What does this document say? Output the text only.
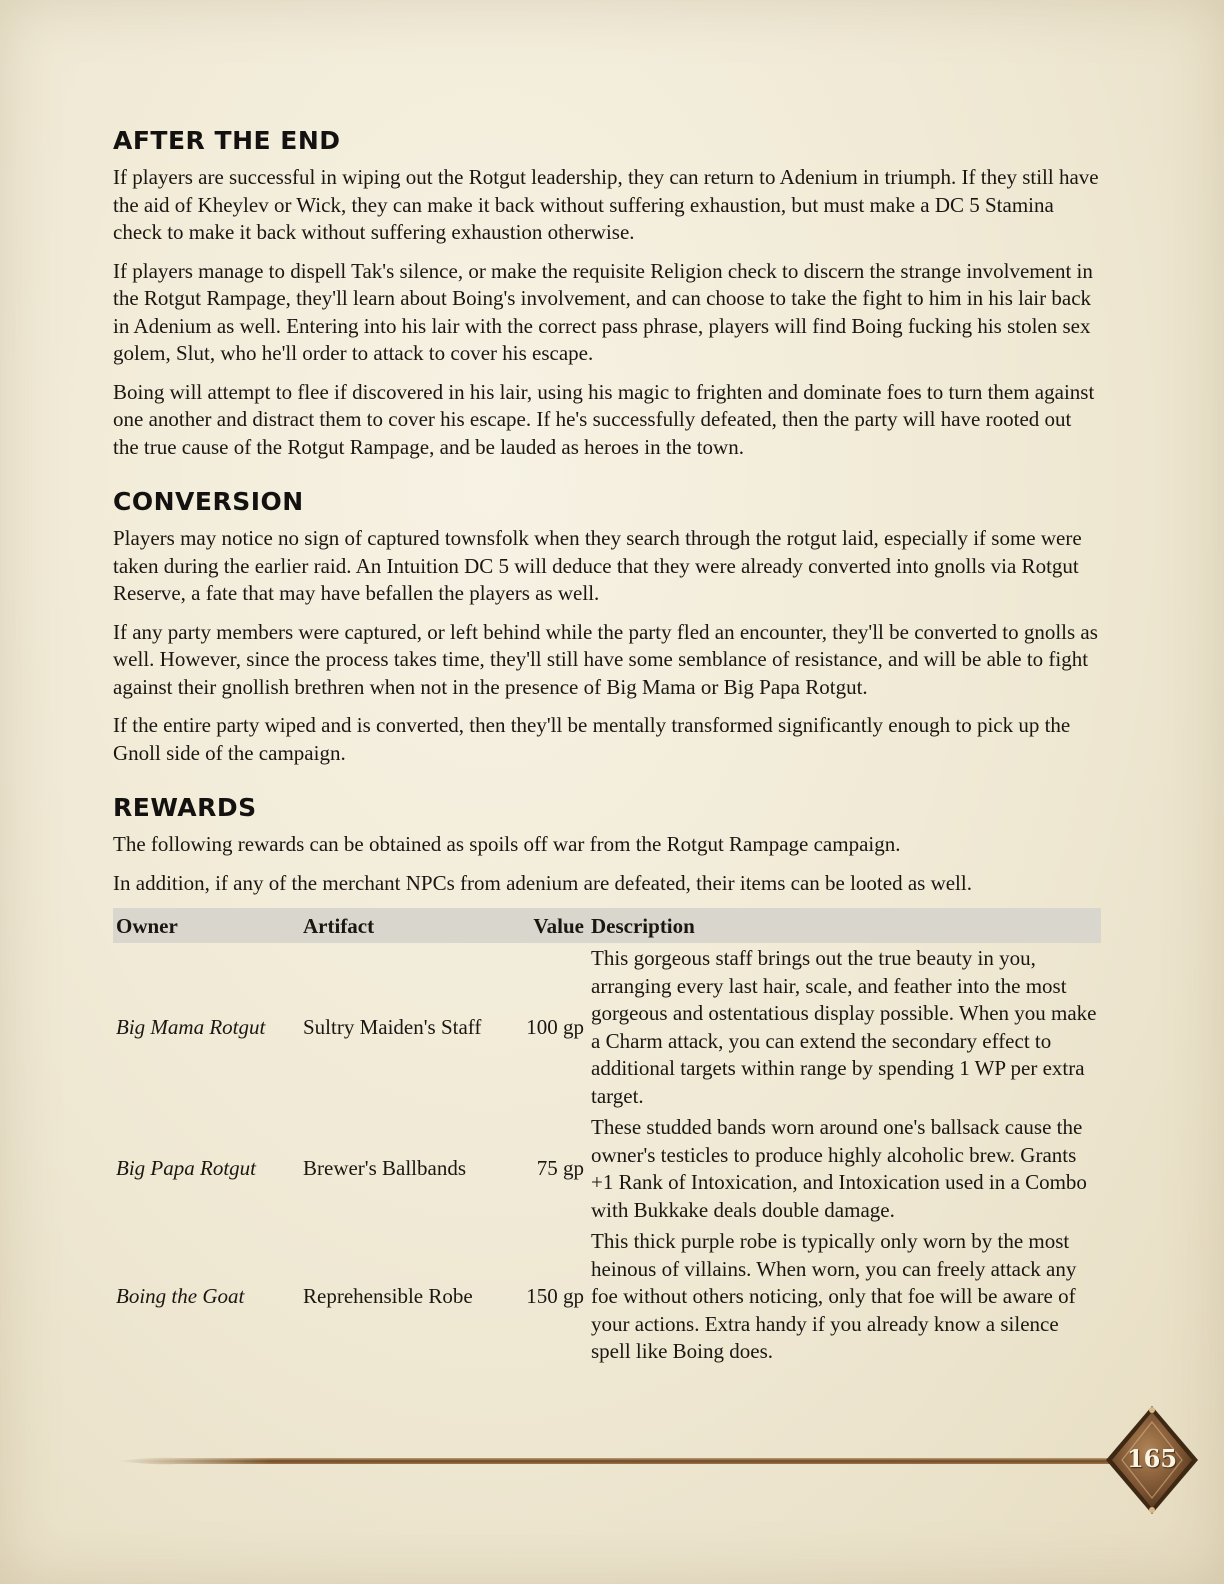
AFTER THE END

If players are successful in wiping out the Rotgut leadership, they can return to Adenium in triumph. If they still have the aid of Kheylev or Wick, they can make it back without suffering exhaustion, but must make a DC 5 Stamina check to make it back without suffering exhaustion otherwise.

If players manage to dispell Tak's silence, or make the requisite Religion check to discern the strange involvement in the Rotgut Rampage, they'll learn about Boing's involvement, and can choose to take the fight to him in his lair back in Adenium as well. Entering into his lair with the correct pass phrase, players will find Boing fucking his stolen sex golem, Slut, who he'll order to attack to cover his escape.

Boing will attempt to flee if discovered in his lair, using his magic to frighten and dominate foes to turn them against one another and distract them to cover his escape. If he's successfully defeated, then the party will have rooted out the true cause of the Rotgut Rampage, and be lauded as heroes in the town.

CONVERSION

Players may notice no sign of captured townsfolk when they search through the rotgut laid, especially if some were taken during the earlier raid. An Intuition DC 5 will deduce that they were already converted into gnolls via Rotgut Reserve, a fate that may have befallen the players as well.

If any party members were captured, or left behind while the party fled an encounter, they'll be converted to gnolls as well. However, since the process takes time, they'll still have some semblance of resistance, and will be able to fight against their gnollish brethren when not in the presence of Big Mama or Big Papa Rotgut.

If the entire party wiped and is converted, then they'll be mentally transformed significantly enough to pick up the Gnoll side of the campaign.

REWARDS

The following rewards can be obtained as spoils off war from the Rotgut Rampage campaign.

In addition, if any of the merchant NPCs from adenium are defeated, their items can be looted as well.

Owner	Artifact	Value	Description
Big Mama Rotgut	Sultry Maiden's Staff	100 gp	This gorgeous staff brings out the true beauty in you, arranging every last hair, scale, and feather into the most gorgeous and ostentatious display possible. When you make a Charm attack, you can extend the secondary effect to additional targets within range by spending 1 WP per extra target.
Big Papa Rotgut	Brewer's Ballbands	75 gp	These studded bands worn around one's ballsack cause the owner's testicles to produce highly alcoholic brew. Grants +1 Rank of Intoxication, and Intoxication used in a Combo with Bukkake deals double damage.
Boing the Goat	Reprehensible Robe	150 gp	This thick purple robe is typically only worn by the most heinous of villains. When worn, you can freely attack any foe without others noticing, only that foe will be aware of your actions. Extra handy if you already know a silence spell like Boing does.
165
